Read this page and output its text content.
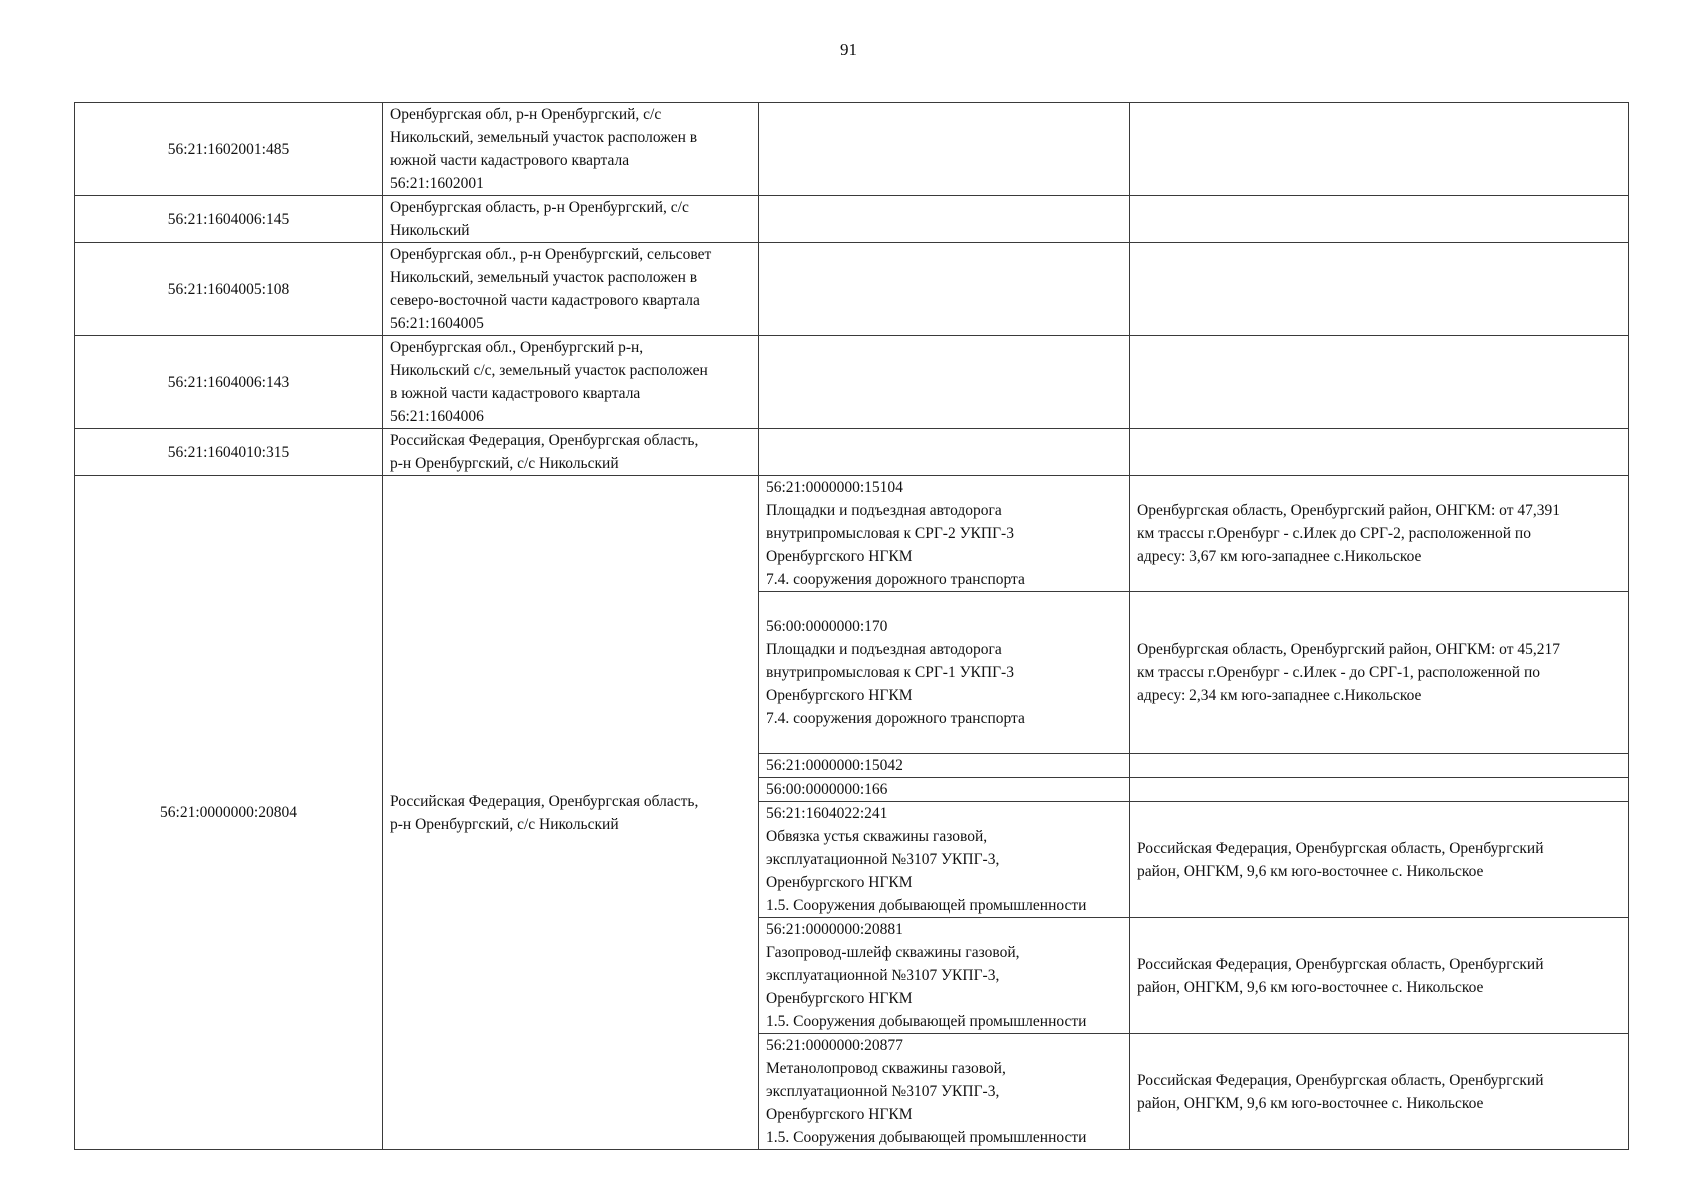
91
56:21:1602001:485	Оренбургская обл, р-н Оренбургский, с/с
Никольский, земельный участок расположен в
южной части кадастрового квартала
56:21:1602001		

56:21:1604006:145	Оренбургская область, р-н Оренбургский, с/с
Никольский		

56:21:1604005:108	Оренбургская обл., р-н Оренбургский, сельсовет
Никольский, земельный участок расположен в
северо-восточной части кадастрового квартала
56:21:1604005		

56:21:1604006:143	Оренбургская обл., Оренбургский р-н,
Никольский с/с, земельный участок расположен
в южной части кадастрового квартала
56:21:1604006		

56:21:1604010:315	Российская Федерация, Оренбургская область,
р-н Оренбургский, с/с Никольский		

56:21:0000000:20804	Российская Федерация, Оренбургская область,
р-н Оренбургский, с/с Никольский	56:21:0000000:15104
Площадки и подъездная автодорога
внутрипромысловая к СРГ-2 УКПГ-3
Оренбургского НГКМ
7.4. сооружения дорожного транспорта	Оренбургская область, Оренбургский район, ОНГКМ: от 47,391
км трассы г.Оренбург - с.Илек до СРГ-2, расположенной по
адресу: 3,67 км юго-западнее с.Никольское

		56:00:0000000:170
Площадки и подъездная автодорога
внутрипромысловая к СРГ-1 УКПГ-3
Оренбургского НГКМ
7.4. сооружения дорожного транспорта	Оренбургская область, Оренбургский район, ОНГКМ: от 45,217
км трассы г.Оренбург - с.Илек - до СРГ-1, расположенной по
адресу: 2,34 км юго-западнее с.Никольское

		56:21:0000000:15042	

		56:00:0000000:166	

		56:21:1604022:241
Обвязка устья скважины газовой,
эксплуатационной №3107 УКПГ-3,
Оренбургского НГКМ
1.5. Сооружения добывающей промышленности	Российская Федерация, Оренбургская область, Оренбургский
район, ОНГКМ, 9,6 км юго-восточнее с. Никольское

		56:21:0000000:20881
Газопровод-шлейф скважины газовой,
эксплуатационной №3107 УКПГ-3,
Оренбургского НГКМ
1.5. Сооружения добывающей промышленности	Российская Федерация, Оренбургская область, Оренбургский
район, ОНГКМ, 9,6 км юго-восточнее с. Никольское

		56:21:0000000:20877
Метанолопровод скважины газовой,
эксплуатационной №3107 УКПГ-3,
Оренбургского НГКМ
1.5. Сооружения добывающей промышленности	Российская Федерация, Оренбургская область, Оренбургский
район, ОНГКМ, 9,6 км юго-восточнее с. Никольское
